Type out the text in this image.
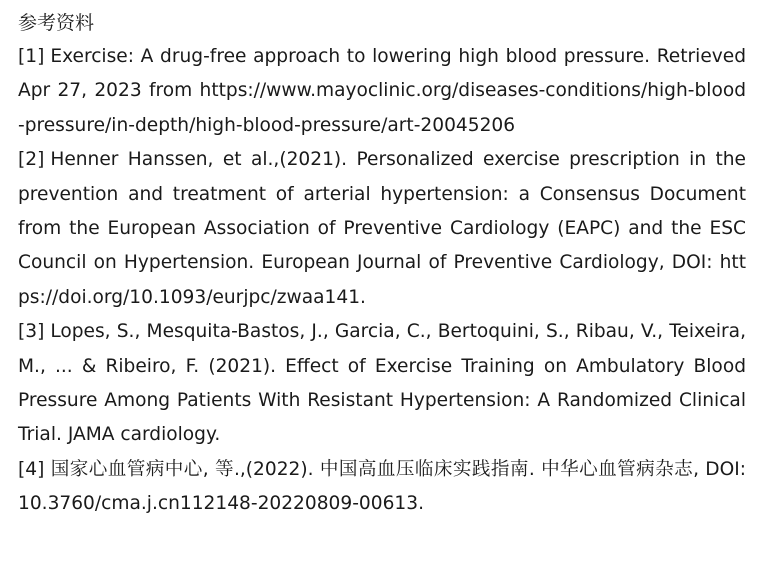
参考资料
[1] Exercise: A drug-free approach to lowering high blood pressure. Retrieved Apr 27, 2023 from https://www.mayoclinic.org/diseases-conditions/high-blood-pressure/in-depth/high-blood-pressure/art-20045206
[2] Henner Hanssen, et al.,(2021). Personalized exercise prescription in the prevention and treatment of arterial hypertension: a Consensus Document from the European Association of Preventive Cardiology (EAPC) and the ESC Council on Hypertension. European Journal of Preventive Cardiology, DOI: https://doi.org/10.1093/eurjpc/zwaa141.
[3] Lopes, S., Mesquita-Bastos, J., Garcia, C., Bertoquini, S., Ribau, V., Teixeira, M., ... & Ribeiro, F. (2021). Effect of Exercise Training on Ambulatory Blood Pressure Among Patients With Resistant Hypertension: A Randomized Clinical Trial. JAMA cardiology.
[4] 国家心血管病中心, 等.,(2022). 中国高血压临床实践指南. 中华心血管病杂志, DOI: 10.3760/cma.j.cn112148-20220809-00613.
